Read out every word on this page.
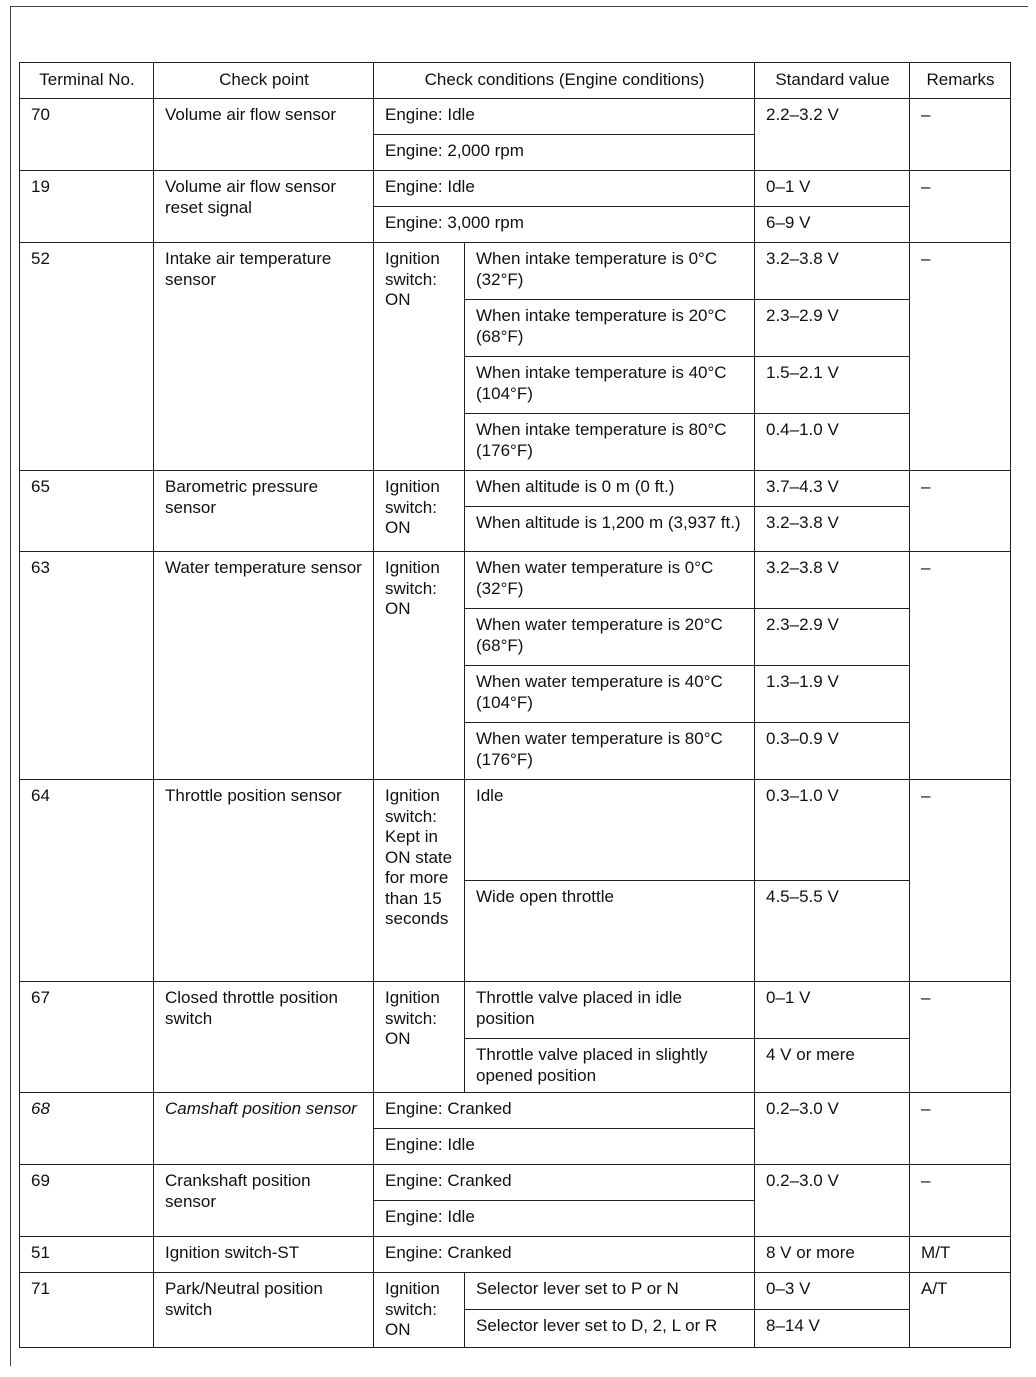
Terminal No.	Check point	Check conditions (Engine conditions)		Standard value	Remarks
70	Volume air flow sensor	Engine: Idle		2.2–3.2 V	–
		Engine: 2,000 rpm			
19	Volume air flow sensor reset signal	Engine: Idle		0–1 V	–
		Engine: 3,000 rpm		6–9 V	
52	Intake air temperature sensor	Ignition switch: ON	When intake temperature is 0°C (32°F)	3.2–3.8 V	–
			When intake temperature is 20°C (68°F)	2.3–2.9 V	
			When intake temperature is 40°C (104°F)	1.5–2.1 V	
			When intake temperature is 80°C (176°F)	0.4–1.0 V	
65	Barometric pressure sensor	Ignition switch: ON	When altitude is 0 m (0 ft.)	3.7–4.3 V	–
			When altitude is 1,200 m (3,937 ft.)	3.2–3.8 V	
63	Water temperature sensor	Ignition switch: ON	When water temperature is 0°C (32°F)	3.2–3.8 V	–
			When water temperature is 20°C (68°F)	2.3–2.9 V	
			When water temperature is 40°C (104°F)	1.3–1.9 V	
			When water temperature is 80°C (176°F)	0.3–0.9 V	
64	Throttle position sensor	Ignition switch: Kept in ON state for more than 15 seconds	Idle	0.3–1.0 V	–
			Wide open throttle	4.5–5.5 V	
67	Closed throttle position switch	Ignition switch: ON	Throttle valve placed in idle position	0–1 V	–
			Throttle valve placed in slightly opened position	4 V or mere	
68	Camshaft position sensor	Engine: Cranked		0.2–3.0 V	–
		Engine: Idle			
69	Crankshaft position sensor	Engine: Cranked		0.2–3.0 V	–
		Engine: Idle			
51	Ignition switch-ST	Engine: Cranked		8 V or more	M/T
71	Park/Neutral position switch	Ignition switch: ON	Selector lever set to P or N	0–3 V	A/T
			Selector lever set to D, 2, L or R	8–14 V	
